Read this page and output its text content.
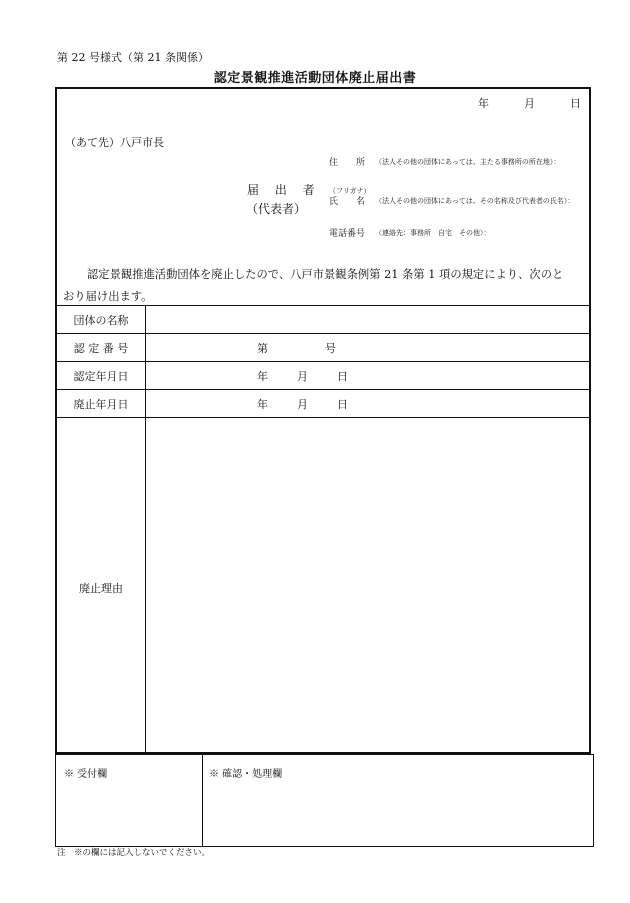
第 22 号様式（第 21 条関係）
認定景観推進活動団体廃止届出書
年	月	日
（あて先）八戸市長
届 出 者
（代表者）
住　　所 （法人その他の団体にあっては、主たる事務所の所在地）：
（フリガナ）
氏　　名 （法人その他の団体にあっては、その名称及び代表者の氏名）：
電話番号 （連絡先：事務所　自宅　その他）：
認定景観推進活動団体を廃止したので、八戸市景観条例第 21 条第 1 項の規定により、次のと
おり届け出ます。
団体の名称
認 定 番 号	第	号
認定年月日	年	月	日
廃止年月日	年	月	日
廃止理由
※ 受付欄	※ 確認・処理欄
注　※の欄には記入しないでください。
